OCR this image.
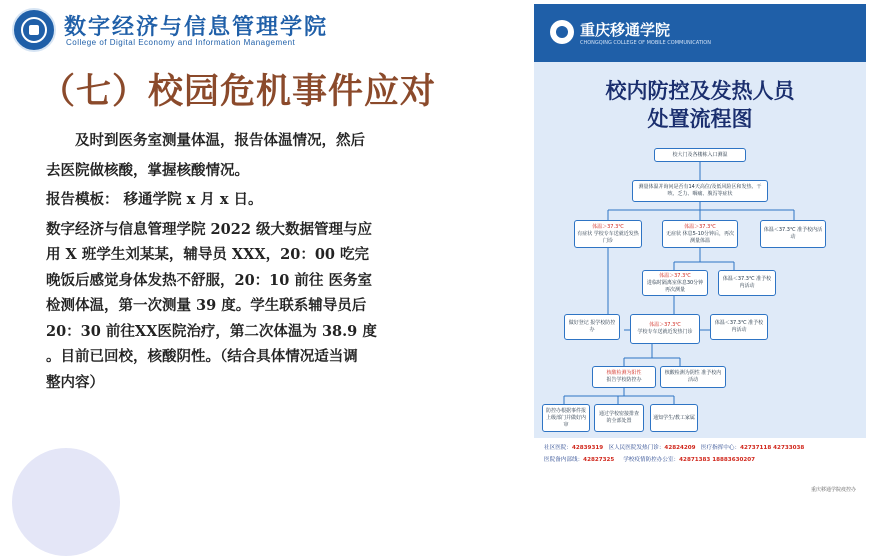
数字经济与信息管理学院
College of Digital Economy and Information Management
（七）校园危机事件应对

及时到医务室测量体温，报告体温情况，然后

去医院做核酸，掌握核酸情况。

报告模板： 移通学院 x 月 x 日。

数字经济与信息管理学院 2022 级大数据管理与应

用 X 班学生刘某某，辅导员 XXX，20：00 吃完

晚饭后感觉身体发热不舒服，20：10 前往 医务室

检测体温，第一次测量 39 度。学生联系辅导员后

20：30 前往XX医院治疗，第二次体温为 38.9 度

。目前已回校，核酸阴性。（结合具体情况适当调

整内容）

重庆移通学院
CHONGQING COLLEGE OF MOBILE COMMUNICATION
校内防控及发热人员
处置流程图
校大门及各楼栋入口测温
测量体温并询问是否有14天高位/及低风险区和发热、干咳、乏力、咽痛、腹泻等症状
体温＞37.3℃
有症状 学校专车送就近发热门诊
体温＞37.3℃
无症状 休息5-10分钟后，再次测量体温
体温＜37.3℃ 准予校内活动
体温＞37.3℃
进临时隔离室休息30分钟再次测量
体温＜37.3℃ 准予校内活动
做好登记 报学校防控办
体温＞37.3℃
学校专车送就近发热门诊
体温＜37.3℃ 准予校内活动
核酸检测为阳性
报告学校防控办
核酸检测为阴性 准予校内活动
防控办根据事件报上级部门并做好内审
通过学校密接排查的全部处置
通知学生/教工家属
社区医院：42839319 区人民医院发热门诊：42824209 医疗指挥中心：42737118 42733038
医院备内部线：42827325 学校疫情防控办公室：42871383 18883630207
重庆移通学院疫控办
